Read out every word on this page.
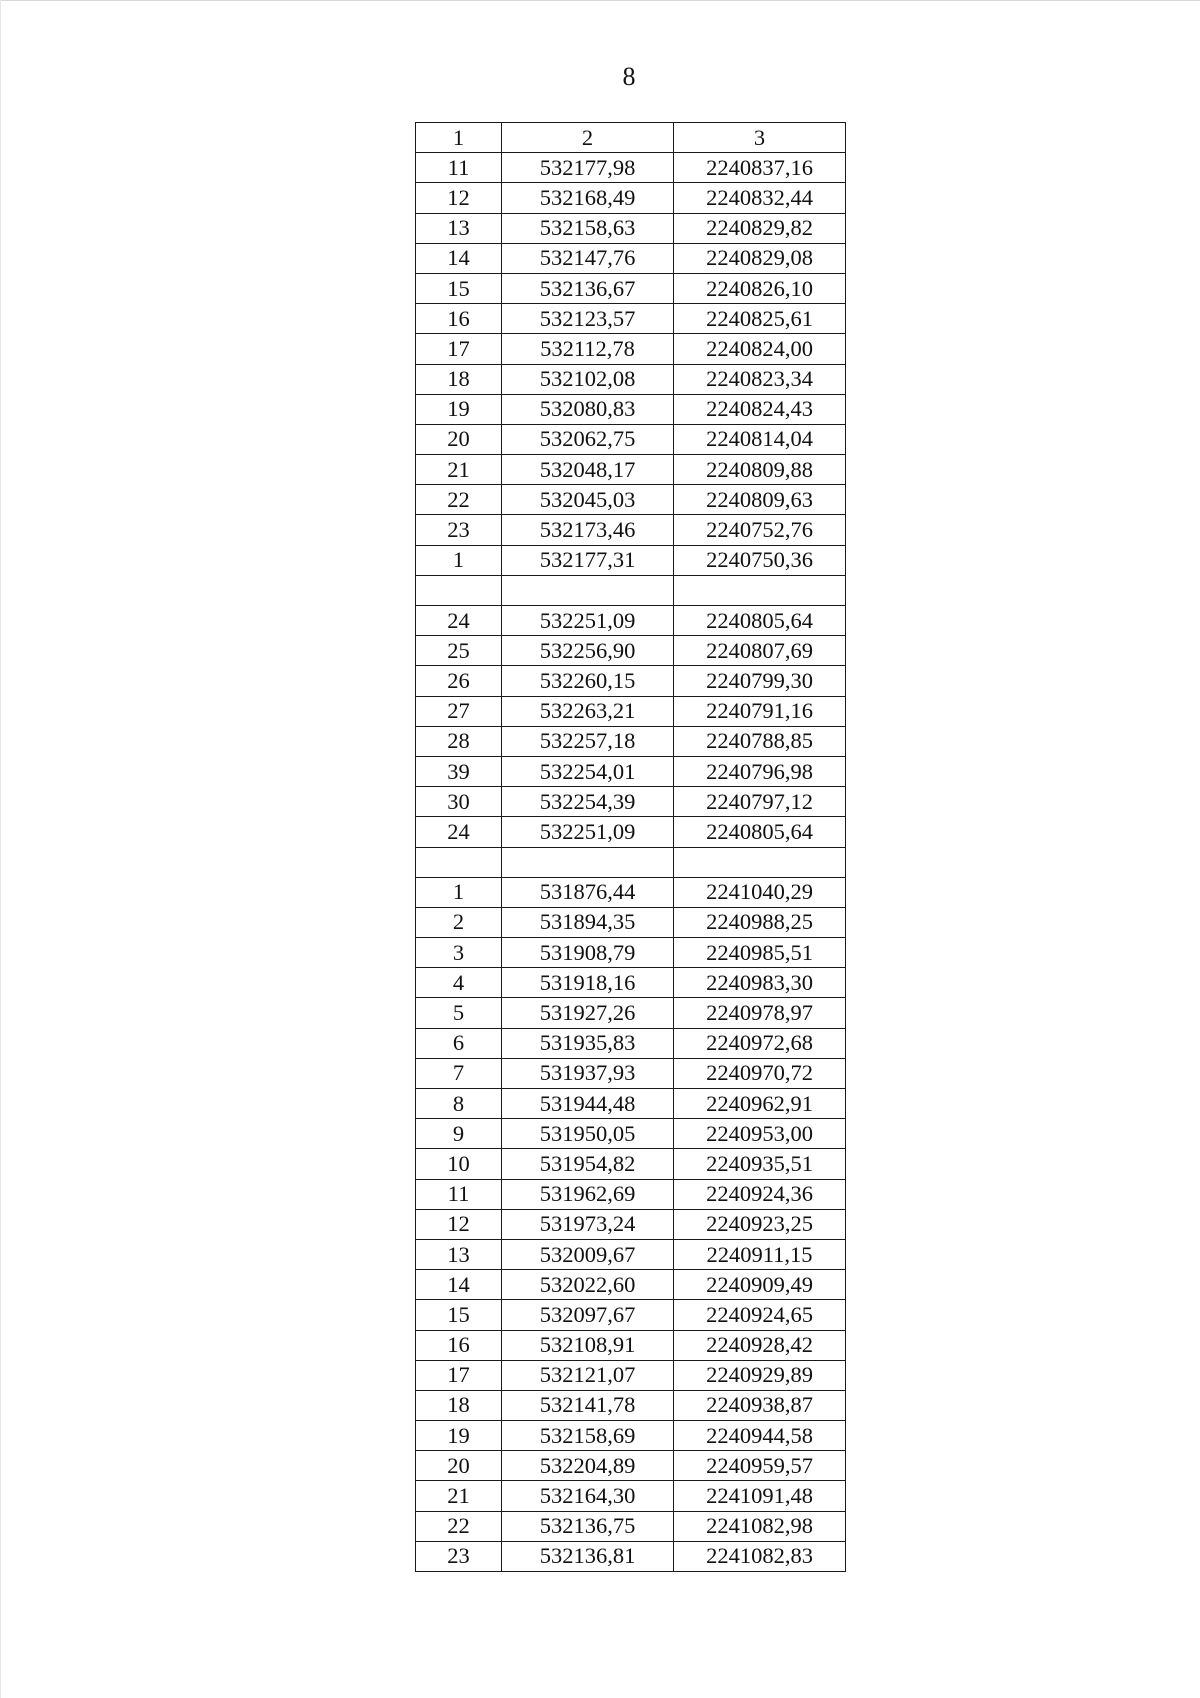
8
1	2	3
11	532177,98	2240837,16
12	532168,49	2240832,44
13	532158,63	2240829,82
14	532147,76	2240829,08
15	532136,67	2240826,10
16	532123,57	2240825,61
17	532112,78	2240824,00
18	532102,08	2240823,34
19	532080,83	2240824,43
20	532062,75	2240814,04
21	532048,17	2240809,88
22	532045,03	2240809,63
23	532173,46	2240752,76
1	532177,31	2240750,36

24	532251,09	2240805,64
25	532256,90	2240807,69
26	532260,15	2240799,30
27	532263,21	2240791,16
28	532257,18	2240788,85
39	532254,01	2240796,98
30	532254,39	2240797,12
24	532251,09	2240805,64

1	531876,44	2241040,29
2	531894,35	2240988,25
3	531908,79	2240985,51
4	531918,16	2240983,30
5	531927,26	2240978,97
6	531935,83	2240972,68
7	531937,93	2240970,72
8	531944,48	2240962,91
9	531950,05	2240953,00
10	531954,82	2240935,51
11	531962,69	2240924,36
12	531973,24	2240923,25
13	532009,67	2240911,15
14	532022,60	2240909,49
15	532097,67	2240924,65
16	532108,91	2240928,42
17	532121,07	2240929,89
18	532141,78	2240938,87
19	532158,69	2240944,58
20	532204,89	2240959,57
21	532164,30	2241091,48
22	532136,75	2241082,98
23	532136,81	2241082,83
